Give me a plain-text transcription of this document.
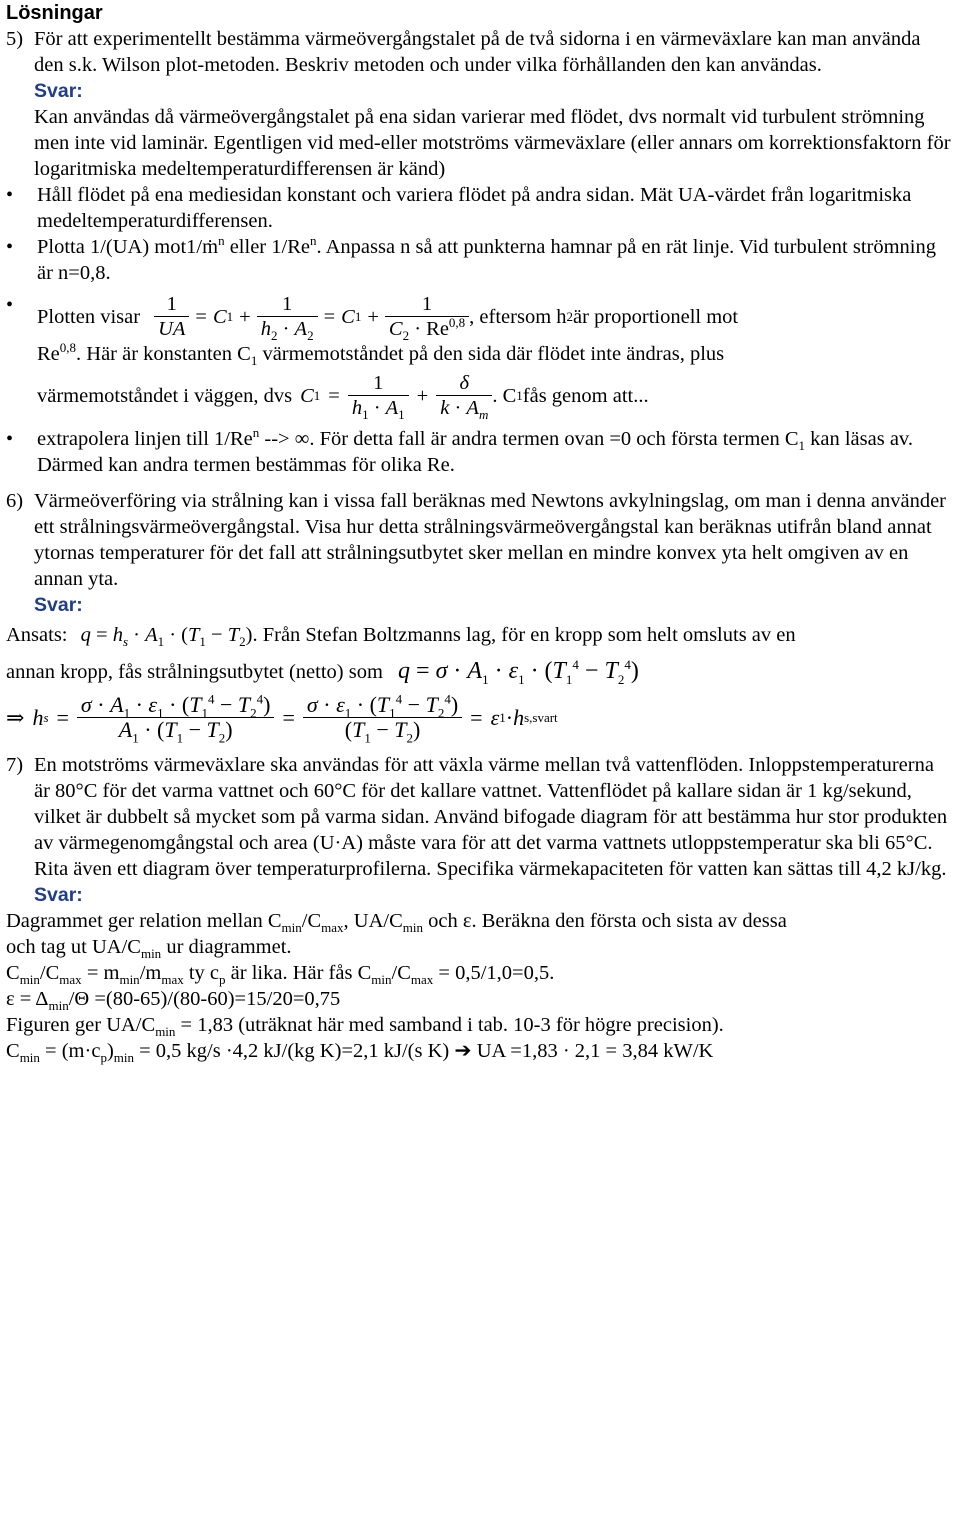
Lösningar

5) För att experimentellt bestämma värmeövergångstalet på de två sidorna i en värmeväxlare kan man använda den s.k. Wilson plot-metoden. Beskriv metoden och under vilka förhållanden den kan användas.

Svar:

Kan användas då värmeövergångstalet på ena sidan varierar med flödet, dvs normalt vid turbulent strömning men inte vid laminär. Egentligen vid med-eller motströms värmeväxlare (eller annars om korrektionsfaktorn för logaritmiska medeltemperaturdifferensen är känd)

• Håll flödet på ena mediesidan konstant och variera flödet på andra sidan. Mät UA-värdet från logaritmiska medeltemperaturdifferensen.
• Plotta 1/(UA) mot1/ṁ$^n$ eller 1/Re$^n$. Anpassa n så att punkterna hamnar på en rät linje. Vid turbulent strömning är n=0,8.
• Plotten visar $\frac{1}{UA} = C$ $1 + \frac{1}{h_2 \cdot A_2} = C$ $1 + \frac{1}{C_2 \cdot Re^{0,8}}$ , eftersom h 2 är proportionell mot
Re$^{0,8}$. Här är konstanten $C_1$ värmemotståndet på den sida där flödet inte ändras, plus
värmemotståndet i väggen, dvs C $1 = \frac{1}{h_1 \cdot A_1} + \frac{\delta}{k \cdot A_m}$ . C 1 fås genom att...
• extrapolera linjen till 1/Re$^n$ --> ∞. För detta fall är andra termen ovan =0 och första termen $C_1$ kan läsas av. Därmed kan andra termen bestämmas för olika Re.
6) Värmeöverföring via strålning kan i vissa fall beräknas med Newtons avkylningslag, om man i denna använder ett strålningsvärmeövergångstal. Visa hur detta strålningsvärmeövergångstal kan beräknas utifrån bland annat ytornas temperaturer för det fall att strålningsutbytet sker mellan en mindre konvex yta helt omgiven av en annan yta.

Svar:

Ansats: $q = h_s \cdot A_1 \cdot (T_1 - T_2)$. Från Stefan Boltzmanns lag, för en kropp som helt omsluts av en

annan kropp, fås strålningsutbytet (netto) som $q = \sigma \cdot A_1 \cdot \varepsilon_1 \cdot (T_1^4 - T_2^4)$

⇒ h $s = \frac{\sigma \cdot A_1 \cdot \varepsilon_1 \cdot (T_1^4 - T_2^4)}{A_1 \cdot (T_1 - T_2)} = \frac{\sigma \cdot \varepsilon_1 \cdot (T_1^4 - T_2^4)}{(T_1 - T_2)} = \varepsilon$ 1 · h s,svart
7) En motströms värmeväxlare ska användas för att växla värme mellan två vattenflöden. Inloppstemperaturerna är 80°C för det varma vattnet och 60°C för det kallare vattnet. Vattenflödet på kallare sidan är 1 kg/sekund, vilket är dubbelt så mycket som på varma sidan. Använd bifogade diagram för att bestämma hur stor produkten av värmegenomgångstal och area (U·A) måste vara för att det varma vattnets utloppstemperatur ska bli 65°C. Rita även ett diagram över temperaturprofilerna. Specifika värmekapaciteten för vatten kan sättas till 4,2 kJ/kg.

Svar:

Dagrammet ger relation mellan $C_{min}/C_{max}$, $UA/C_{min}$ och ε. Beräkna den första och sista av dessa

och tag ut $UA/C_{min}$ ur diagrammet.

$C_{min}/C_{max} = m_{min}/m_{max}$ ty $c_p$ är lika. Här fås $C_{min}/C_{max} = 0,5/1,0=0,5$.

$\varepsilon = \Delta_{min}/\Theta =(80-65)/(80-60)=15/20=0,75$

Figuren ger $UA/C_{min} = 1,83$ (uträknat här med samband i tab. 10-3 för högre precision).

$C_{min} = (m\cdot c_p)_{min} = 0,5$ kg/s ·4,2 kJ/(kg K)=2,1 kJ/(s K) ➔ UA =1,83 · 2,1 = 3,84 kW/K
